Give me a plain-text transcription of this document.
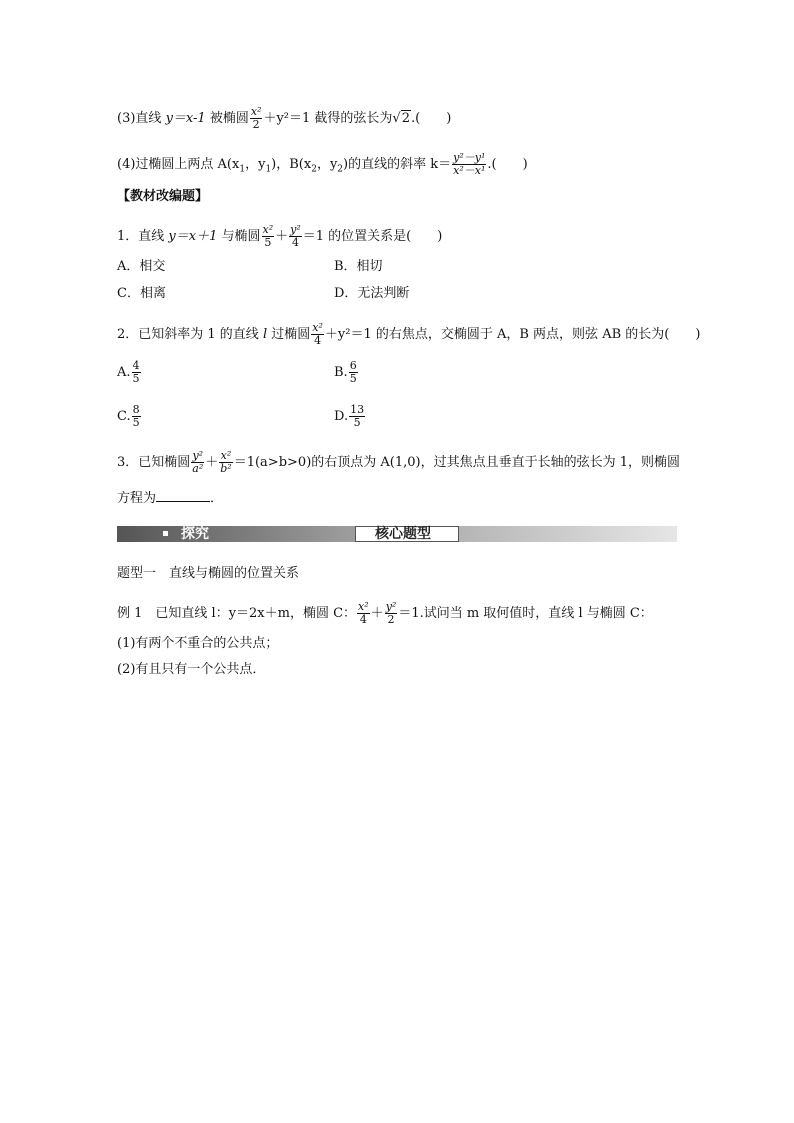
(3)直线 y＝x-1 被椭圆 $\frac{\text{x²}}{2} +y^2=1$ 截得的弦长为√2.(　　)
(4)过椭圆上两点 $A(x_1$，$y_1$)，$B(x_2$，$y_2$)的直线的斜率 $k= \frac{\text{y²－y¹}}{\text{x²－x¹}}$ .(　　)
【教材改编题】
1．直线 y＝x＋1 与椭圆 $\frac{\text{x²}}{5} + \frac{\text{y²}}{4} =1$ 的位置关系是(　　)
A．相交	B．相切
C．相离	D．无法判断
2．已知斜率为 1 的直线 l 过椭圆 $\frac{\text{x²}}{4} +y^2=1$ 的右焦点，交椭圆于 A，B 两点，则弦 AB 的长为(　　)
A. $\frac{4}{5}$	B. $\frac{6}{5}$
C. $\frac{8}{5}$	D. $\frac{13}{5}$
3．已知椭圆 $\frac{\text{y²}}{\text{a²}} + \frac{\text{x²}}{\text{b²}} =1(a>b>0)$的右顶点为 A(1,0)，过其焦点且垂直于长轴的弦长为 1，则椭圆
方程为	．
探究	核心题型
题型一　直线与椭圆的位置关系
例 1　已知直线 l：y＝2x＋m，椭圆 C： $\frac{\text{x²}}{4} + \frac{\text{y²}}{2} =1$.试问当 m 取何值时，直线 l 与椭圆 C：
(1)有两个不重合的公共点；
(2)有且只有一个公共点．
